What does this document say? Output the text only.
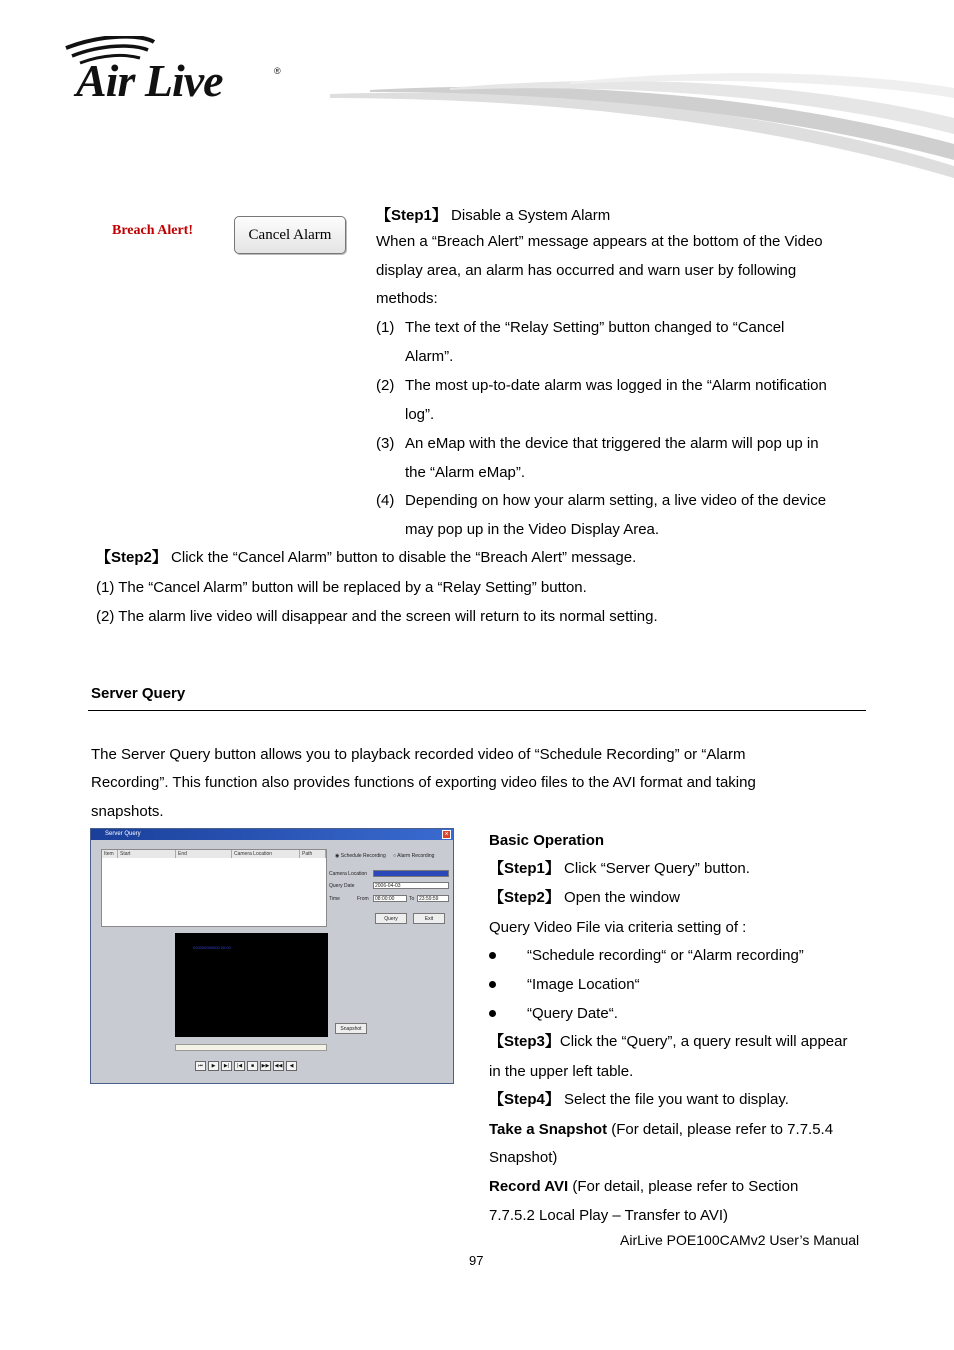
Air Live	®
Breach Alert!	Cancel Alarm
【Step1】 Disable a System Alarm
When a “Breach Alert” message appears at the bottom of the Video
display area, an alarm has occurred and warn user by following
methods:
(1) The text of the “Relay Setting” button changed to “Cancel
Alarm”.
(2) The most up-to-date alarm was logged in the “Alarm notification
log”.
(3) An eMap with the device that triggered the alarm will pop up in
the “Alarm eMap”.
(4) Depending on how your alarm setting, a live video of the device
may pop up in the Video Display Area.
【Step2】 Click the “Cancel Alarm” button to disable the “Breach Alert” message.
(1) The “Cancel Alarm” button will be replaced by a “Relay Setting” button.
(2) The alarm live video will disappear and the screen will return to its normal setting.
Server Query
The Server Query button allows you to playback recorded video of “Schedule Recording” or “Alarm
Recording”. This function also provides functions of exporting video files to the AVI format and taking
snapshots.
Server Query	×
Item	Start	End	Camera Location	Path	◉ Schedule Recording ○ Alarm Recording
Camera Location
Query Date	2006-04-03
Time	From	08:00:00	To 23:59:59
Query	Exit
000000000000 00:00
Snapshot
⏮	▶	▶|	|◀	■	▶▶	◀◀	◀
Basic Operation
【Step1】 Click “Server Query” button.
【Step2】 Open the window
Query Video File via criteria setting of :
“Schedule recording“ or “Alarm recording”
“Image Location“
“Query Date“.
【Step3】Click the “Query”, a query result will appear
in the upper left table.
【Step4】 Select the file you want to display.
Take a Snapshot (For detail, please refer to 7.7.5.4
Snapshot)
Record AVI (For detail, please refer to Section
7.7.5.2 Local Play – Transfer to AVI)
AirLive POE100CAMv2 User’s Manual
97
